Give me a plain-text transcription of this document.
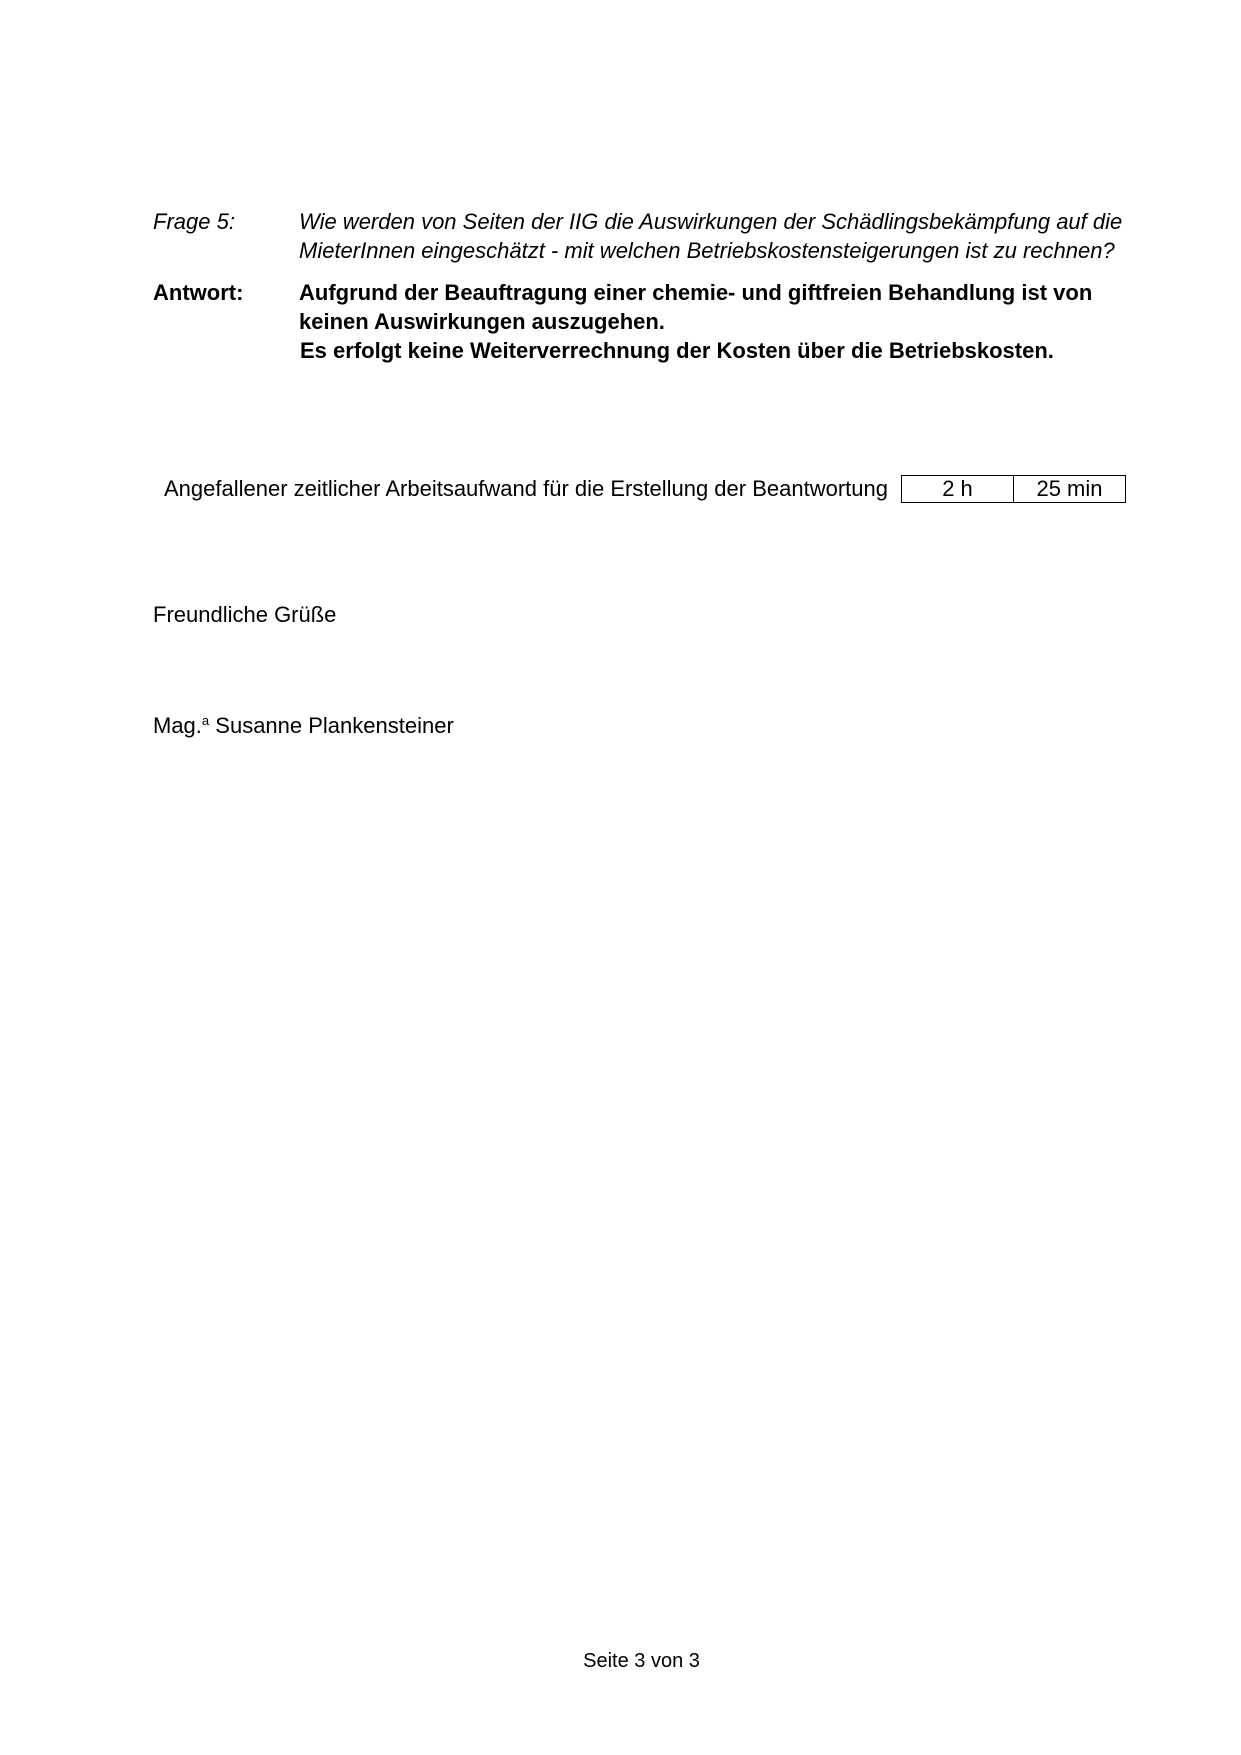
Frage 5:	Wie werden von Seiten der IIG die Auswirkungen der Schädlingsbekämpfung auf die MieterInnen eingeschätzt - mit welchen Betriebskostensteigerungen ist zu rechnen?
Antwort:	Aufgrund der Beauftragung einer chemie- und giftfreien Behandlung ist von keinen Auswirkungen auszugehen.
Es erfolgt keine Weiterverrechnung der Kosten über die Betriebskosten.
Angefallener zeitlicher Arbeitsaufwand für die Erstellung der Beantwortung	2 h	25 min
Freundliche Grüße
Mag.$^a$ Susanne Plankensteiner
Seite 3 von 3
